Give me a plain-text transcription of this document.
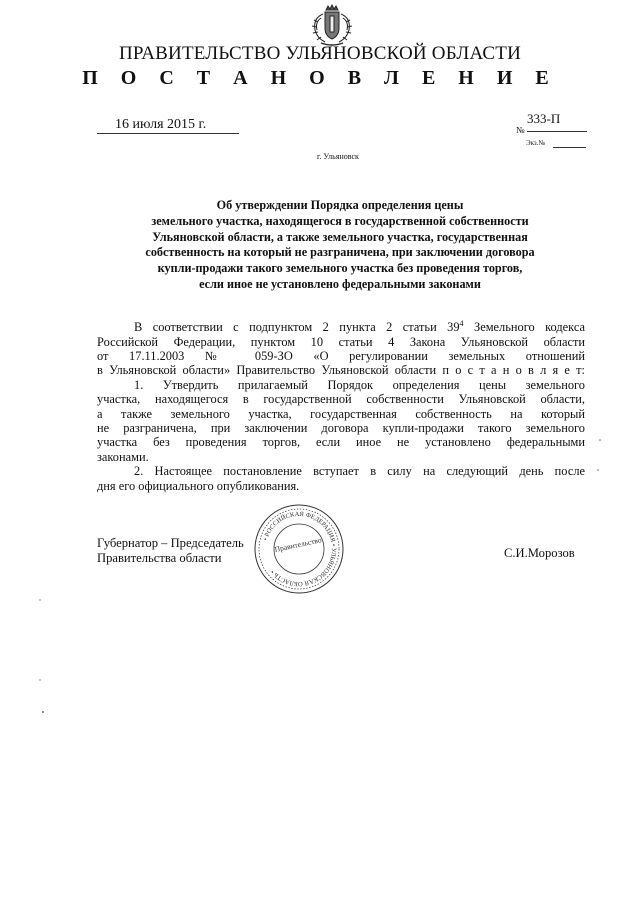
ПРАВИТЕЛЬСТВО УЛЬЯНОВСКОЙ ОБЛАСТИ
П О С Т А Н О В Л Е Н И Е
16 июля 2015 г.	333-П
№
Экз.№
г. Ульяновск
Об утверждении Порядка определения цены
земельного участка, находящегося в государственной собственности
Ульяновской области, а также земельного участка, государственная
собственность на который не разграничена, при заключении договора
купли-продажи такого земельного участка без проведения торгов,
если иное не установлено федеральными законами
В соответствии с подпунктом 2 пункта 2 статьи $39^4$ Земельного кодекса
Российской Федерации, пунктом 10 статьи 4 Закона Ульяновской области
от 17.11.2003 № 059-ЗО «О регулировании земельных отношений
в Ульяновской области» Правительство Ульяновской области п о с т а н о в л я е т:
1. Утвердить прилагаемый Порядок определения цены земельного
участка, находящегося в государственной собственности Ульяновской области,
а также земельного участка, государственная собственность на который
не разграничена, при заключении договора купли-продажи такого земельного
участка без проведения торгов, если иное не установлено федеральными
законами.
2. Настоящее постановление вступает в силу на следующий день после
дня его официального опубликования.
• РОССИЙСКАЯ ФЕДЕРАЦИЯ • УЛЬЯНОВСКАЯ ОБЛАСТЬ •
Правительство
Губернатор – Председатель
Правительства области	С.И.Морозов
